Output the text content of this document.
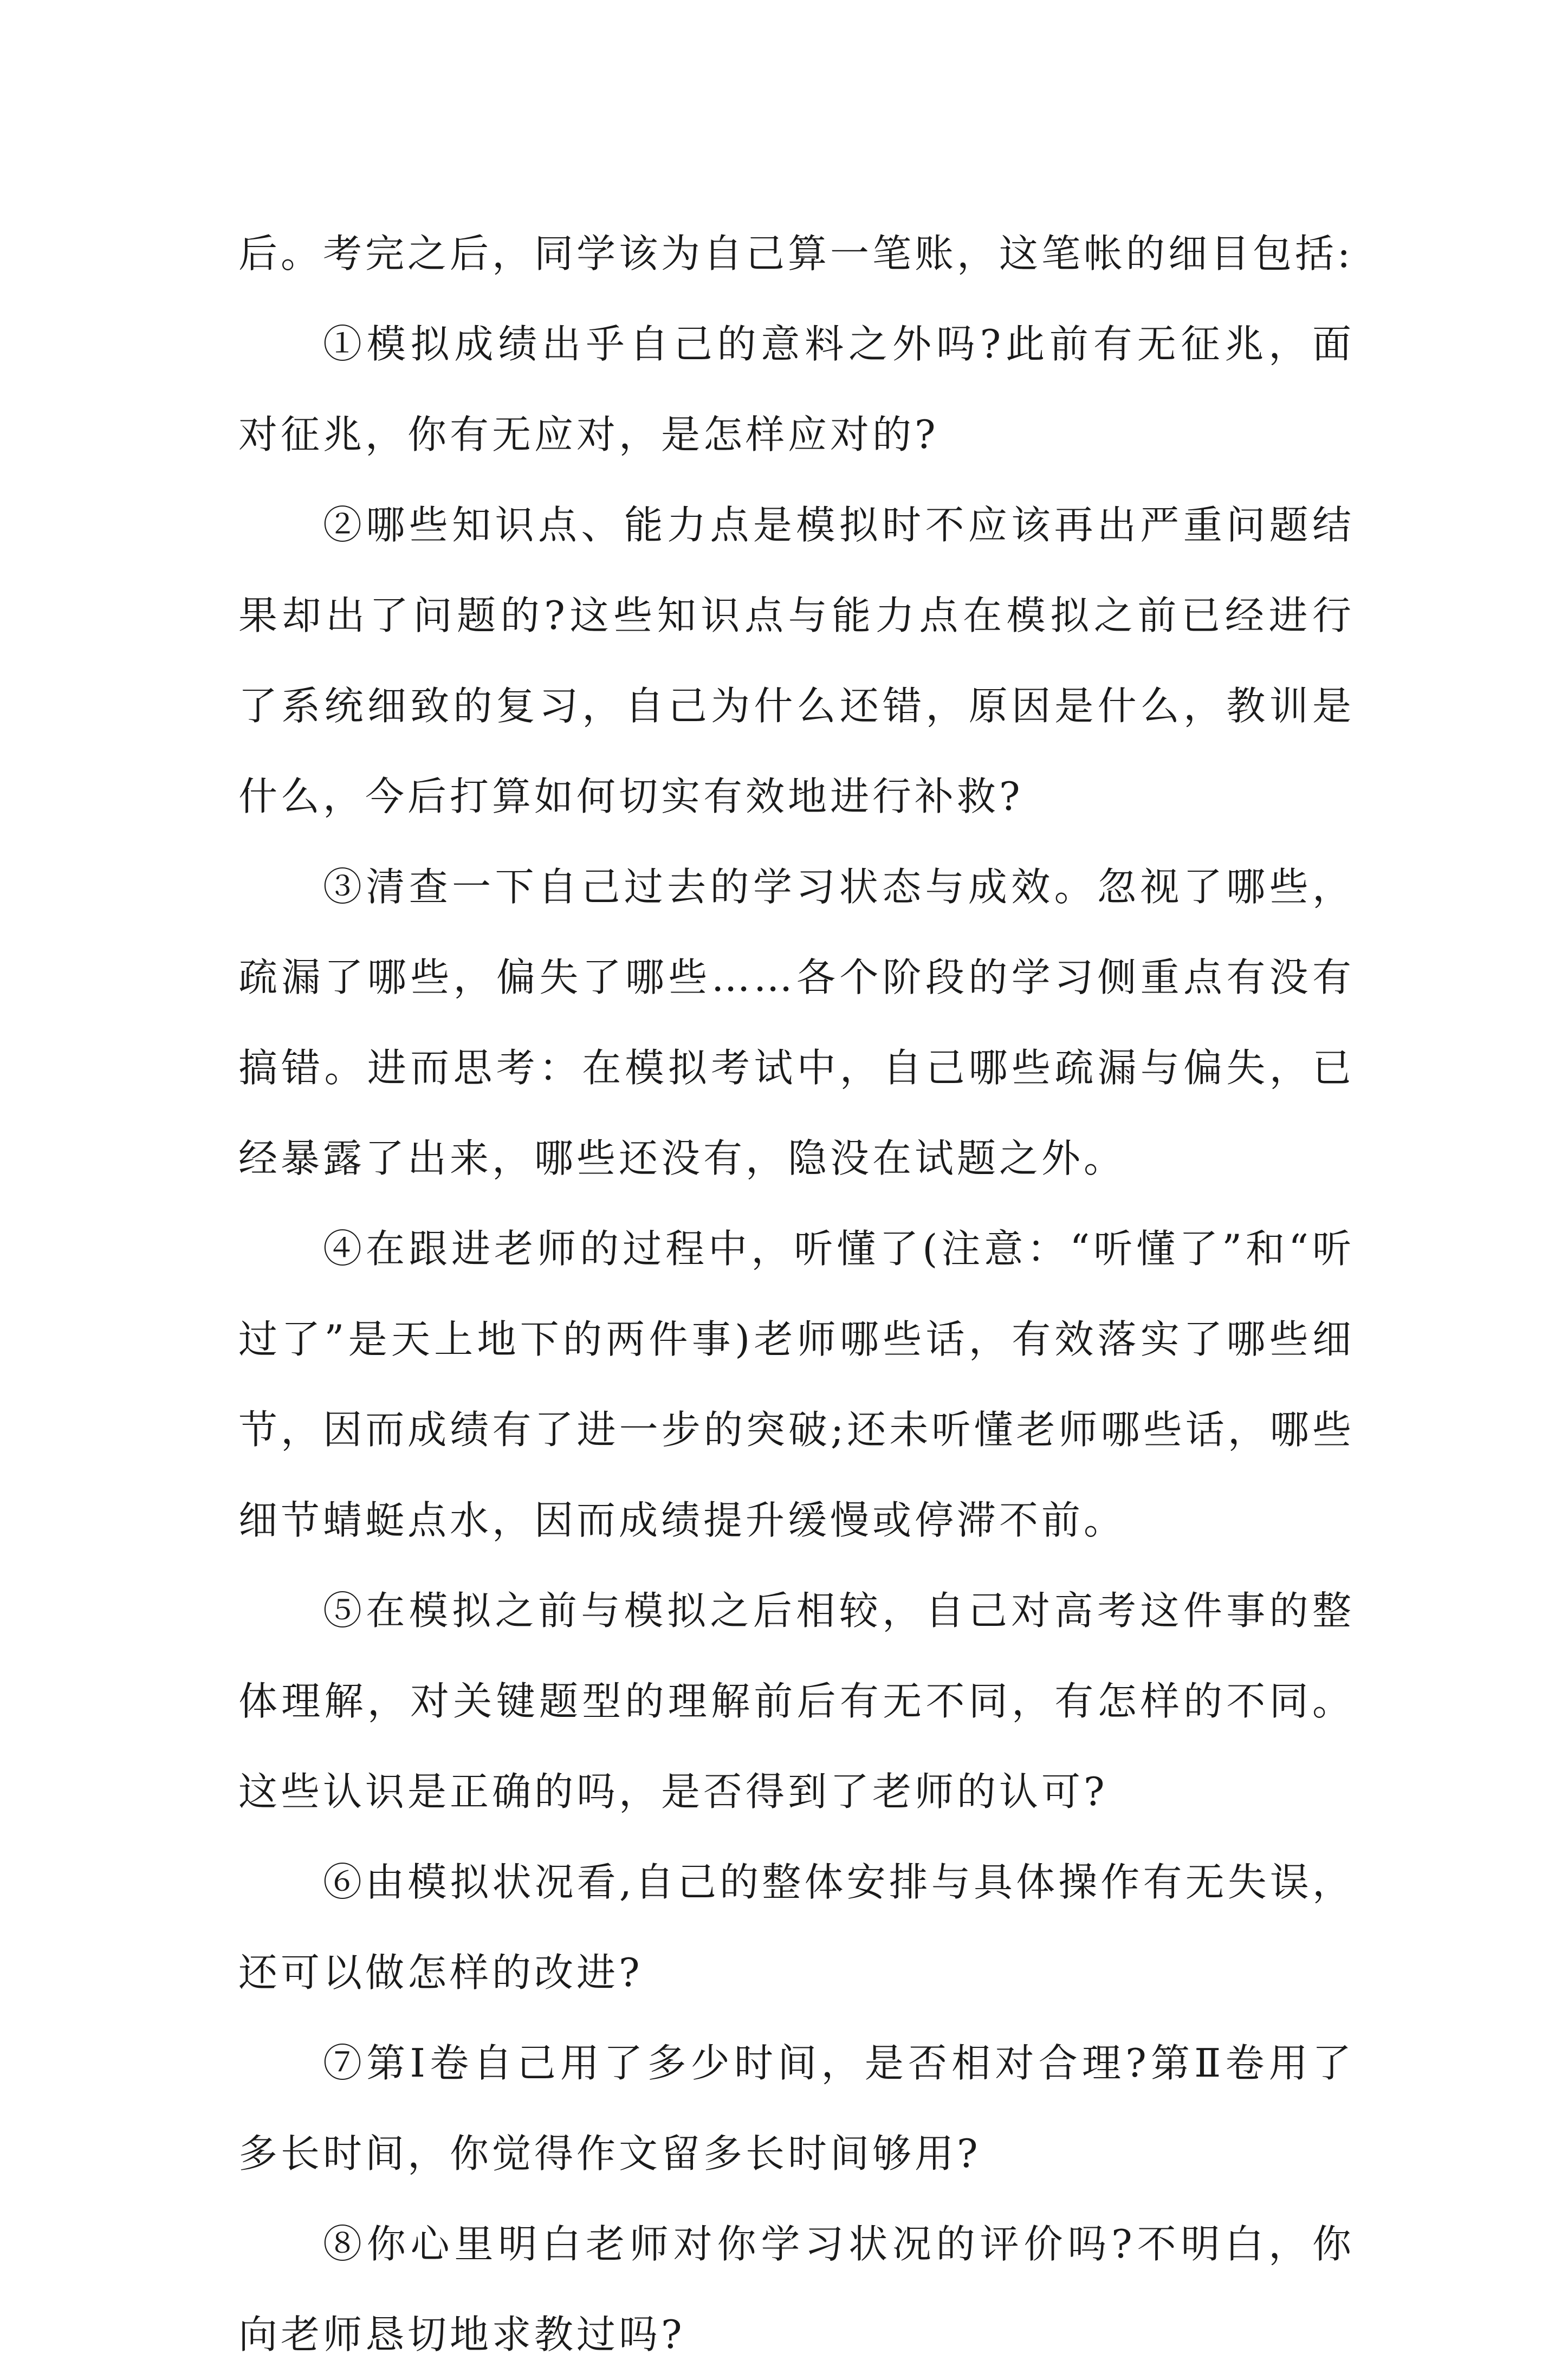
后。考完之后，同学该为自己算一笔账，这笔帐的细目包括:

①模拟成绩出乎自己的意料之外吗?此前有无征兆，面对征兆，你有无应对，是怎样应对的?

②哪些知识点、能力点是模拟时不应该再出严重问题结果却出了问题的?这些知识点与能力点在模拟之前已经进行了系统细致的复习，自己为什么还错，原因是什么，教训是什么，今后打算如何切实有效地进行补救?

③清查一下自己过去的学习状态与成效。忽视了哪些，疏漏了哪些，偏失了哪些……各个阶段的学习侧重点有没有搞错。进而思考：在模拟考试中，自己哪些疏漏与偏失，已经暴露了出来，哪些还没有，隐没在试题之外。

④在跟进老师的过程中，听懂了(注意：“听懂了”和“听过了”是天上地下的两件事)老师哪些话，有效落实了哪些细节，因而成绩有了进一步的突破;还未听懂老师哪些话，哪些细节蜻蜓点水，因而成绩提升缓慢或停滞不前。

⑤在模拟之前与模拟之后相较，自己对高考这件事的整体理解，对关键题型的理解前后有无不同，有怎样的不同。这些认识是正确的吗，是否得到了老师的认可?

⑥由模拟状况看,自己的整体安排与具体操作有无失误，还可以做怎样的改进?

⑦第Ⅰ卷自己用了多少时间，是否相对合理?第Ⅱ卷用了多长时间，你觉得作文留多长时间够用?

⑧你心里明白老师对你学习状况的评价吗?不明白，你向老师恳切地求教过吗?
